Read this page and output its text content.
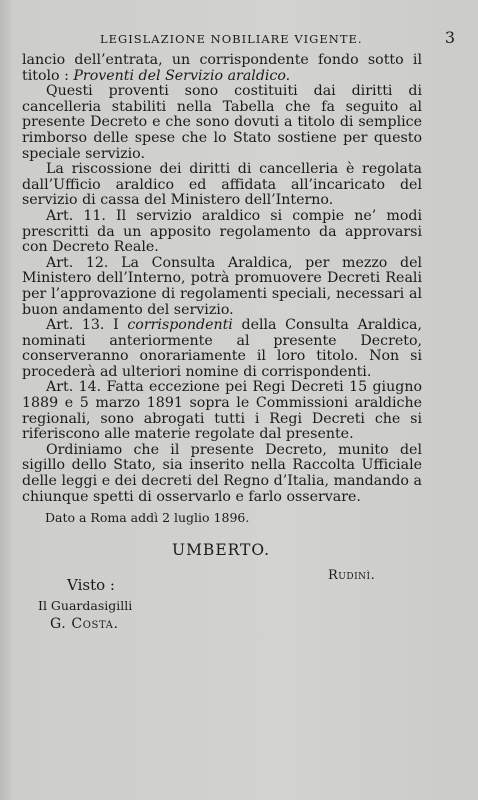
LEGISLAZIONE NOBILIARE VIGENTE.	3

lancio dell’entrata, un corrispondente fondo sotto il titolo : Proventi del Servizio araldico.

Questi proventi sono costituiti dai diritti di cancelleria stabiliti nella Tabella che fa seguito al presente Decreto e che sono dovuti a titolo di semplice rimborso delle spese che lo Stato sostiene per questo speciale servizio.

La riscossione dei diritti di cancelleria è regolata dall’Ufficio araldico ed affidata all’incaricato del servizio di cassa del Ministero dell’Interno.

Art. 11. Il servizio araldico si compie ne’ modi prescritti da un apposito regolamento da approvarsi con Decreto Reale.

Art. 12. La Consulta Araldica, per mezzo del Ministero dell’Interno, potrà promuovere Decreti Reali per l’approvazione di regolamenti speciali, necessari al buon andamento del servizio.

Art. 13. I corrispondenti della Consulta Araldica, nominati anteriormente al presente Decreto, conserveranno onorariamente il loro titolo. Non si procederà ad ulteriori nomine di corrispondenti.

Art. 14. Fatta eccezione pei Regi Decreti 15 giugno 1889 e 5 marzo 1891 sopra le Commissioni araldiche regionali, sono abrogati tutti i Regi Decreti che si riferiscono alle materie regolate dal presente.

Ordiniamo che il presente Decreto, munito del sigillo dello Stato, sia inserito nella Raccolta Ufficiale delle leggi e dei decreti del Regno d’Italia, mandando a chiunque spetti di osservarlo e farlo osservare.

Dato a Roma addì 2 luglio 1896.
UMBERTO.
Rudinì.
Visto :
Il Guardasigilli
G. Costa.
